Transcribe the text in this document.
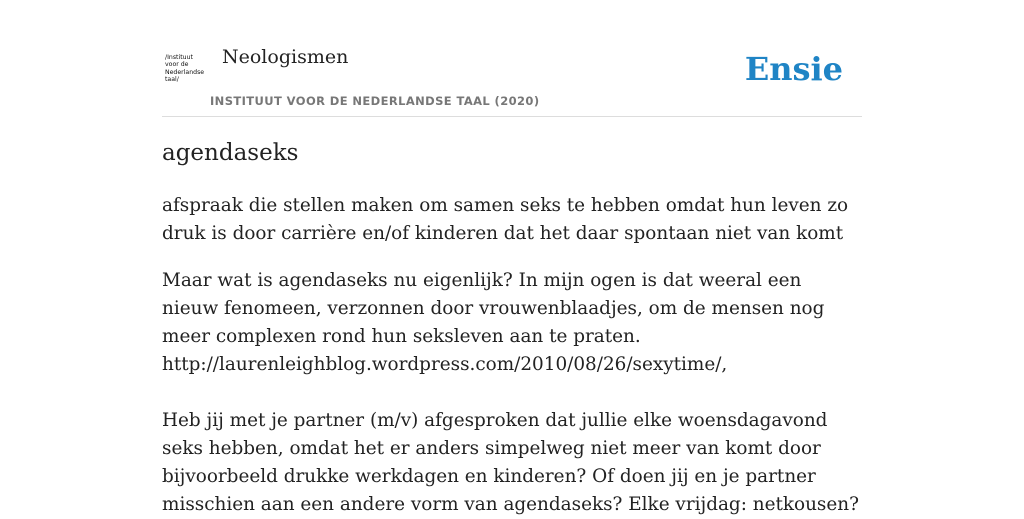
/Instituut
voor de
Nederlandse
taal/
Neologismen
INSTITUUT VOOR DE NEDERLANDSE TAAL (2020)
Ensie
agendaseks

afspraak die stellen maken om samen seks te hebben omdat hun leven zo druk is door carrière en/of kinderen dat het daar spontaan niet van komt

Maar wat is agendaseks nu eigenlijk? In mijn ogen is dat weeral een nieuw fenomeen, verzonnen door vrouwenblaadjes, om de mensen nog meer complexen rond hun seksleven aan te praten.
http://laurenleighblog.wordpress.com/2010/08/26/sexytime/,

Heb jij met je partner (m/v) afgesproken dat jullie elke woensdagavond seks hebben, omdat het er anders simpelweg niet meer van komt door bijvoorbeeld drukke werkdagen en kinderen? Of doen jij en je partner misschien aan een andere vorm van agendaseks? Elke vrijdag: netkousen?
